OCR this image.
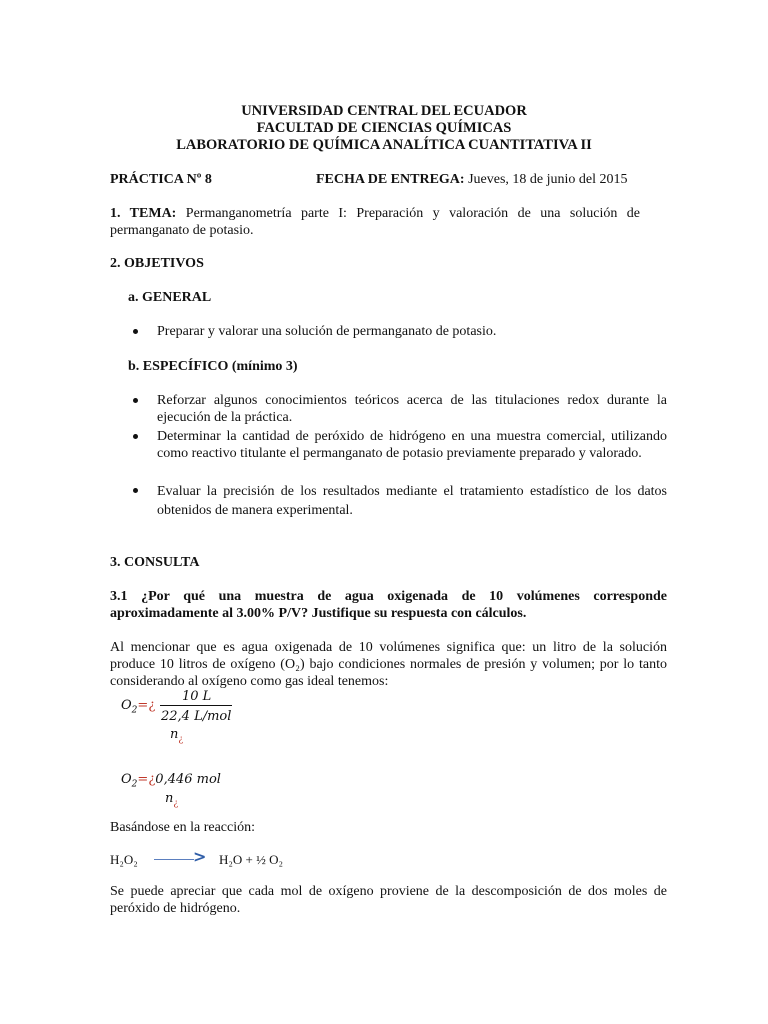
UNIVERSIDAD CENTRAL DEL ECUADOR
FACULTAD DE CIENCIAS QUÍMICAS
LABORATORIO DE QUÍMICA ANALÍTICA CUANTITATIVA II
PRÁCTICA Nº 8	FECHA DE ENTREGA: Jueves, 18 de junio del 2015
1. TEMA: Permanganometría parte I: Preparación y valoración de una solución de permanganato de potasio.
2. OBJETIVOS
a. GENERAL
Preparar y valorar una solución de permanganato de potasio.
b. ESPECÍFICO (mínimo 3)
Reforzar algunos conocimientos teóricos acerca de las titulaciones redox durante la ejecución de la práctica.
Determinar la cantidad de peróxido de hidrógeno en una muestra comercial, utilizando como reactivo titulante el permanganato de potasio previamente preparado y valorado.
Evaluar la precisión de los resultados mediante el tratamiento estadístico de los datos obtenidos de manera experimental.
3. CONSULTA
3.1 ¿Por qué una muestra de agua oxigenada de 10 volúmenes corresponde aproximadamente al 3.00% P/V? Justifique su respuesta con cálculos.
Al mencionar que es agua oxigenada de 10 volúmenes significa que: un litro de la solución produce 10 litros de oxígeno (O₂) bajo condiciones normales de presión y volumen; por lo tanto considerando al oxígeno como gas ideal tenemos:
$O_2=¿$
10 L
22,4 L/mol
$n_¿$
$O_2=¿0,446$ mol
$n_¿$
Basándose en la reacción:
H₂O₂	> H₂O + ½ O₂
Se puede apreciar que cada mol de oxígeno proviene de la descomposición de dos moles de peróxido de hidrógeno.
